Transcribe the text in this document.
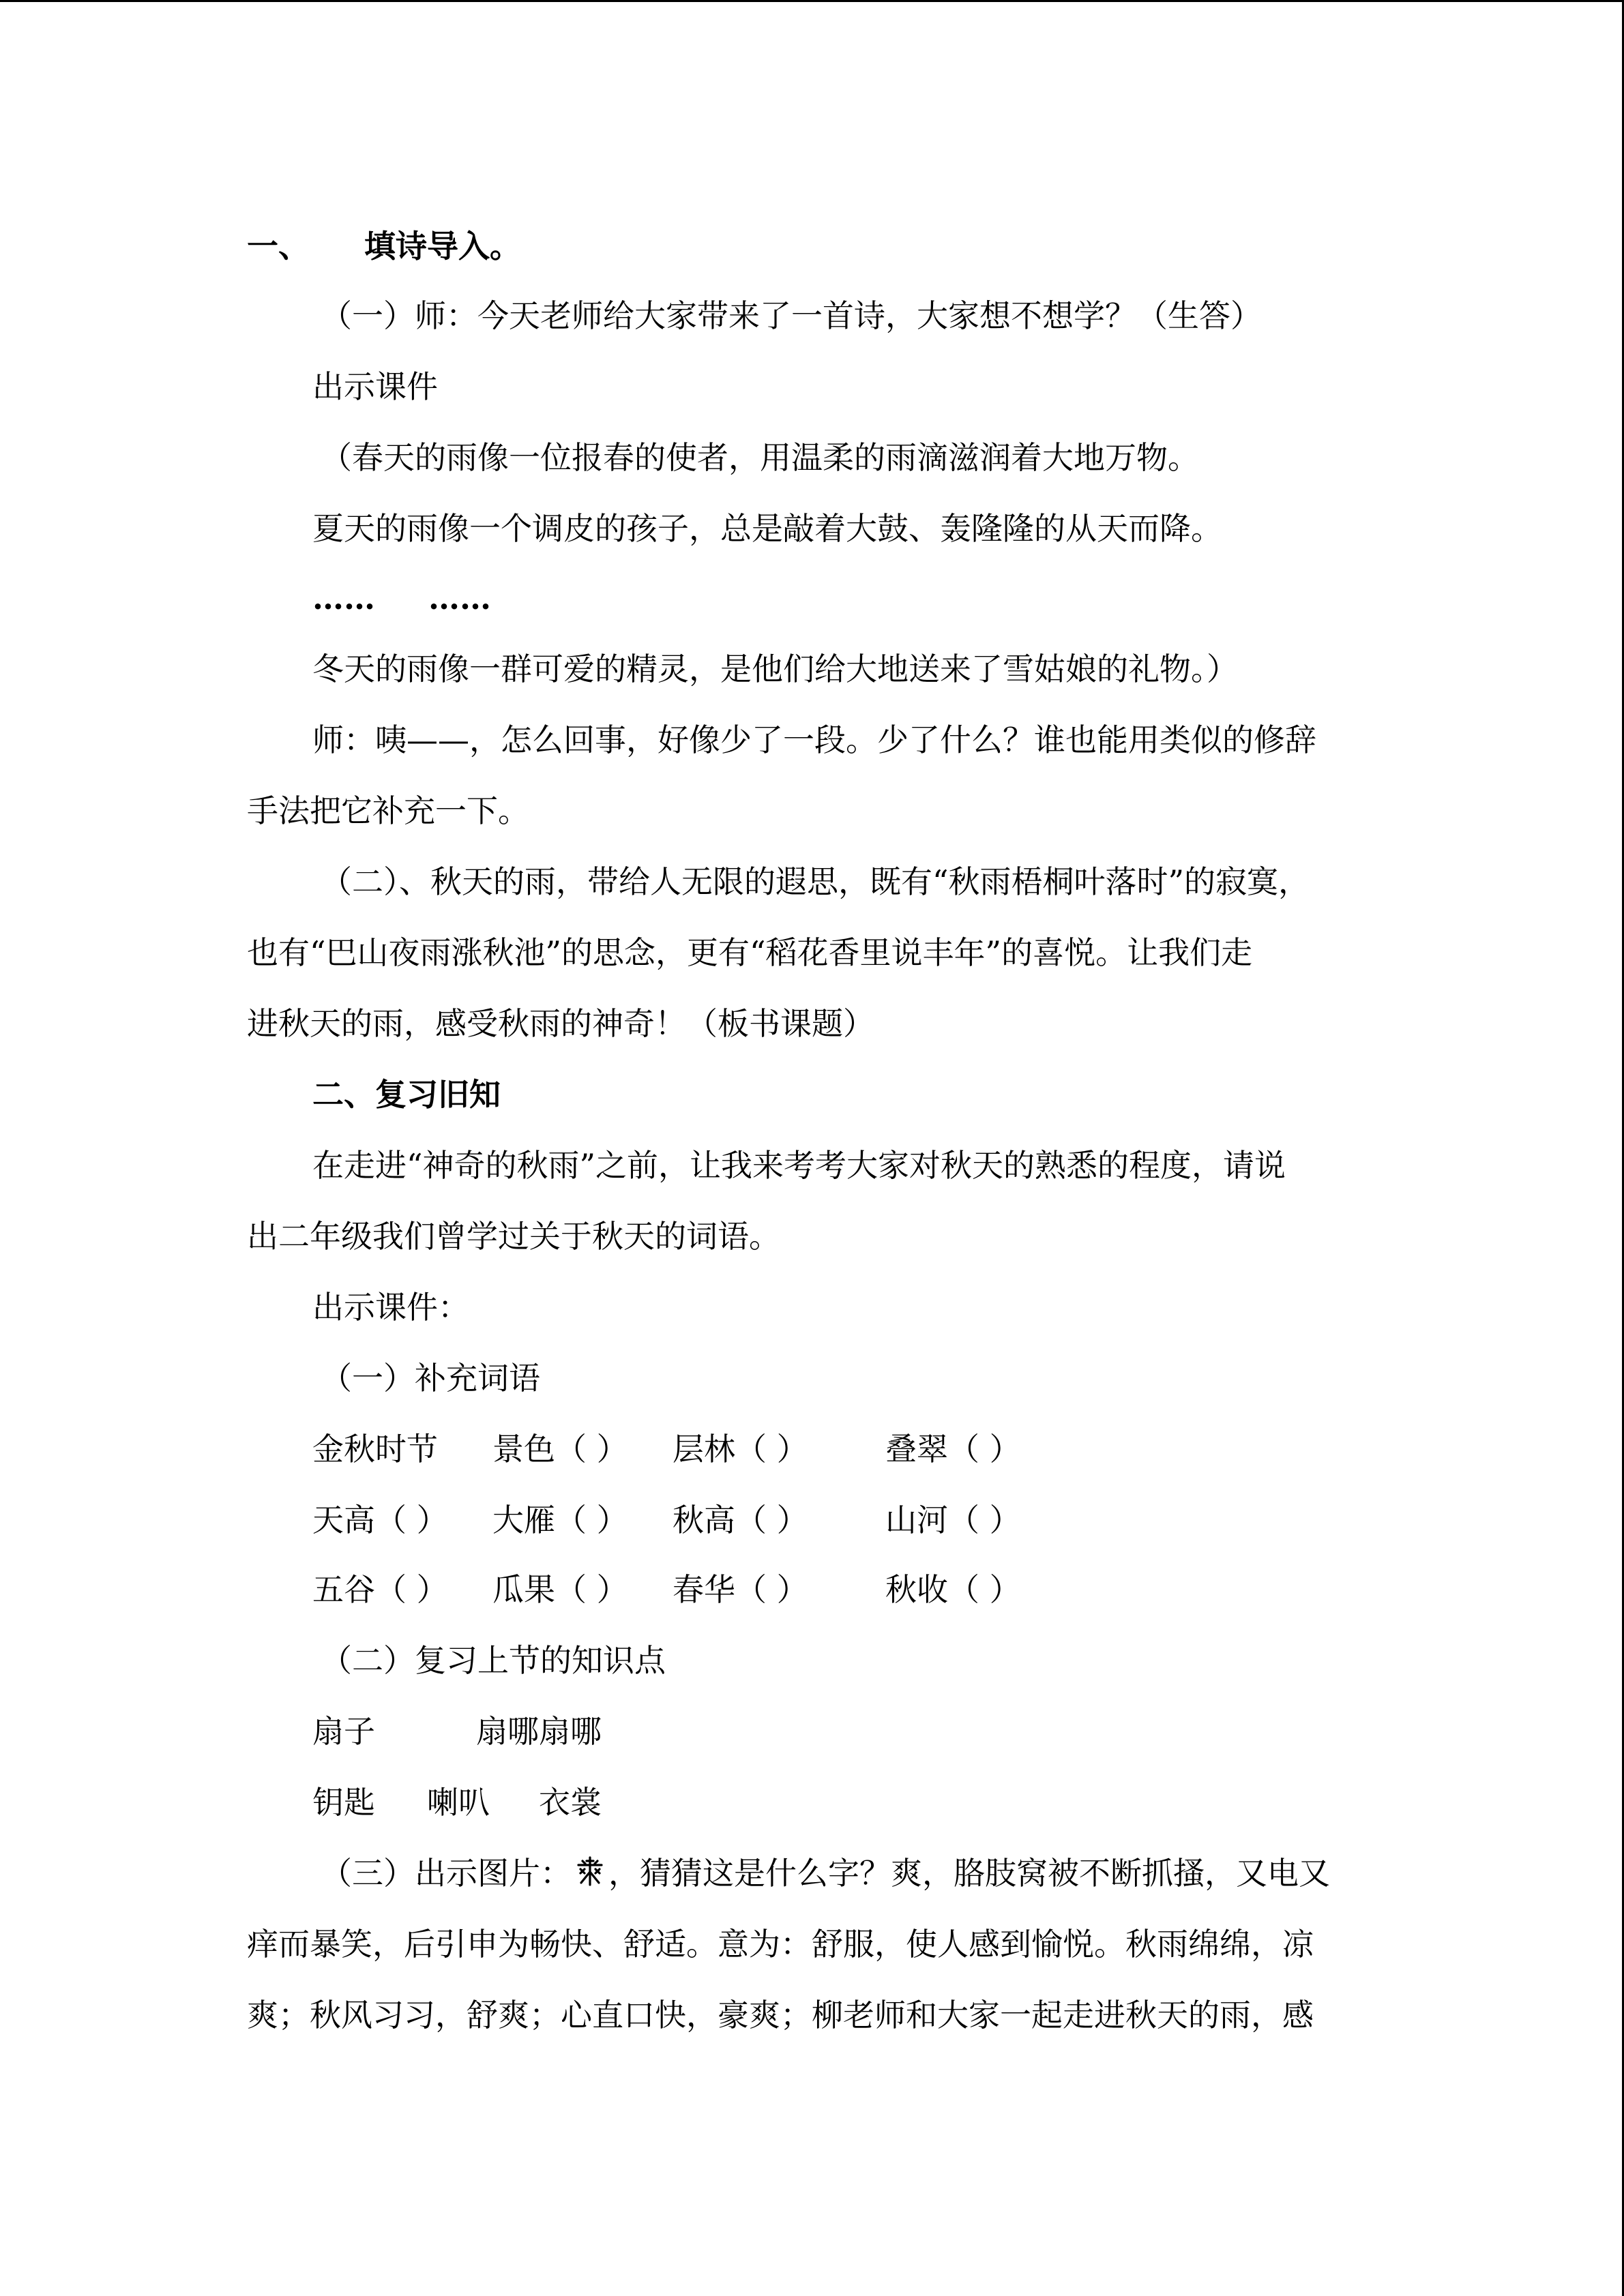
一、 填诗导入。
（一）师：今天老师给大家带来了一首诗，大家想不想学？（生答）
出示课件
（春天的雨像一位报春的使者，用温柔的雨滴滋润着大地万物。
夏天的雨像一个调皮的孩子，总是敲着大鼓、轰隆隆的从天而降。
…… ……
冬天的雨像一群可爱的精灵，是他们给大地送来了雪姑娘的礼物。）
师：咦——，怎么回事，好像少了一段。少了什么？谁也能用类似的修辞
手法把它补充一下。
（二）、秋天的雨，带给人无限的遐思，既有“秋雨梧桐叶落时”的寂寞，
也有“巴山夜雨涨秋池”的思念，更有“稻花香里说丰年”的喜悦。让我们走
进秋天的雨，感受秋雨的神奇！（板书课题）
二、复习旧知
在走进“神奇的秋雨”之前，让我来考考大家对秋天的熟悉的程度，请说
出二年级我们曾学过关于秋天的词语。
出示课件：
（一）补充词语
金秋时节 景色（ ） 层林（ ） 叠翠（ ）
天高（ ） 大雁（ ） 秋高（ ） 山河（ ）
五谷（ ） 瓜果（ ） 春华（ ） 秋收（ ）
（二）复习上节的知识点
扇子	扇哪扇哪
钥匙 喇叭 衣裳
（三）出示图片： ，猜猜这是什么字？爽，胳肢窝被不断抓搔，又电又
痒而暴笑，后引申为畅快、舒适。意为：舒服，使人感到愉悦。秋雨绵绵，凉
爽；秋风习习，舒爽；心直口快，豪爽；柳老师和大家一起走进秋天的雨，感
